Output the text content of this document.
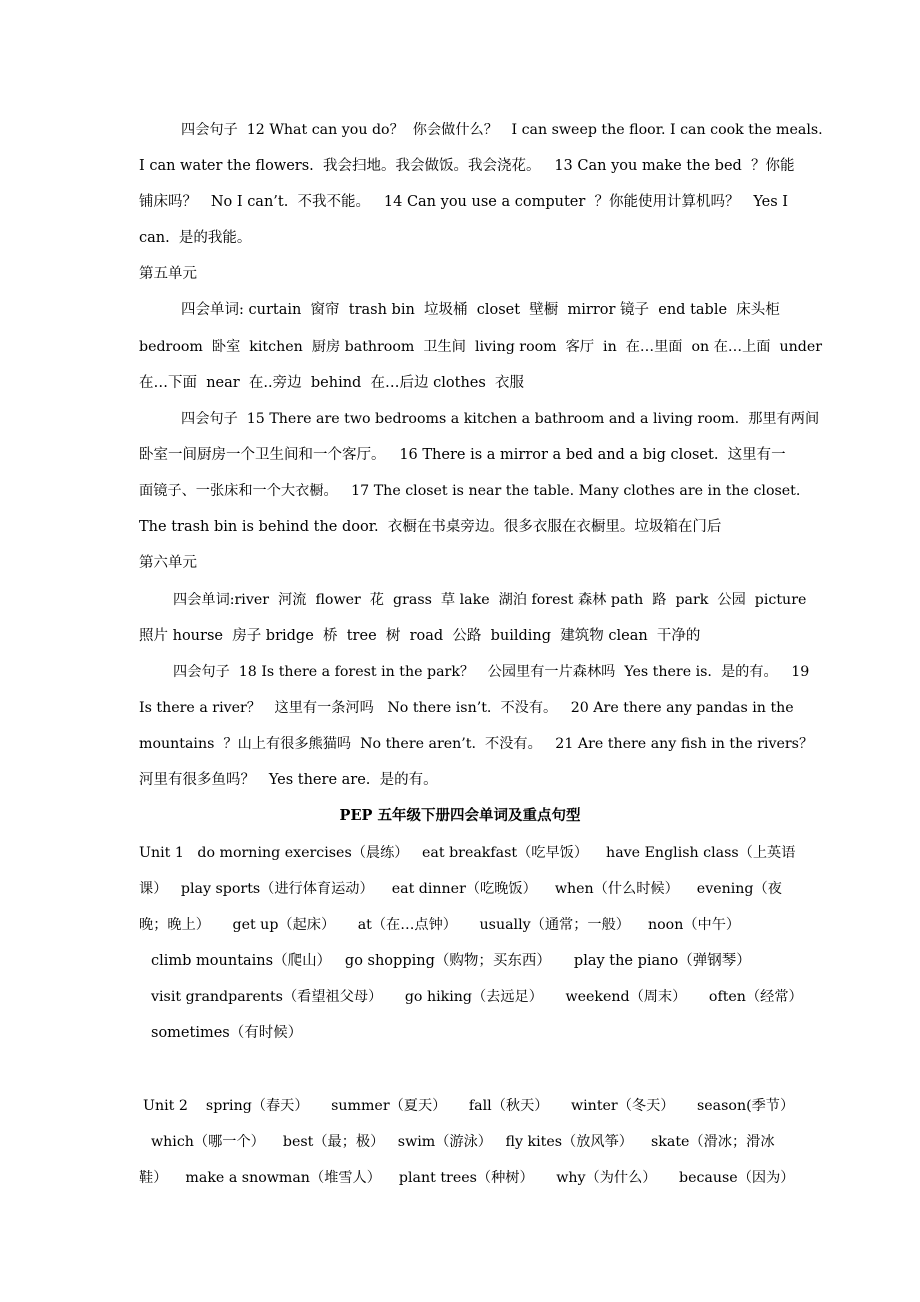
四会句子  12 What can you do？  你会做什么？   I can sweep the floor. I can cook the meals.
I can water the flowers.  我会扫地。我会做饭。我会浇花。   13 Can you make the bed  ？你能
铺床吗？   No I can’t.  不我不能。   14 Can you use a computer  ？你能使用计算机吗？   Yes I
can.  是的我能。
第五单元
四会单词: curtain  窗帘  trash bin  垃圾桶  closet  壁橱  mirror 镜子  end table  床头柜
bedroom  卧室  kitchen  厨房 bathroom  卫生间  living room  客厅  in  在…里面  on 在…上面  under
在…下面  near  在..旁边  behind  在…后边 clothes  衣服
四会句子  15 There are two bedrooms a kitchen a bathroom and a living room.  那里有两间
卧室一间厨房一个卫生间和一个客厅。   16 There is a mirror a bed and a big closet.  这里有一
面镜子、一张床和一个大衣橱。   17 The closet is near the table. Many clothes are in the closet.
The trash bin is behind the door.  衣橱在书桌旁边。很多衣服在衣橱里。垃圾箱在门后
第六单元
四会单词:river  河流  flower  花  grass  草 lake  湖泊 forest 森林 path  路  park  公园  picture
照片 hourse  房子 bridge  桥  tree  树  road  公路  building  建筑物 clean  干净的
四会句子  18 Is there a forest in the park？   公园里有一片森林吗  Yes there is.  是的有。   19
Is there a river？   这里有一条河吗   No there isn’t.  不没有。   20 Are there any pandas in the
mountains  ？山上有很多熊猫吗  No there aren’t.  不没有。   21 Are there any fish in the rivers？
河里有很多鱼吗？   Yes there are.  是的有。
PEP 五年级下册四会单词及重点句型
Unit 1   do morning exercises（晨练）   eat breakfast（吃早饭）    have English class（上英语
课）   play sports（进行体育运动）    eat dinner（吃晚饭）    when（什么时候）    evening（夜
晚；晚上）     get up（起床）     at（在…点钟）     usually（通常；一般）    noon（中午）
climb mountains（爬山）   go shopping（购物；买东西）     play the piano（弹钢琴）
visit grandparents（看望祖父母）     go hiking（去远足）     weekend（周末）     often（经常）
sometimes（有时候）
Unit 2    spring（春天）     summer（夏天）     fall（秋天）     winter（冬天）     season(季节）
which（哪一个）    best（最；极）   swim（游泳）   fly kites（放风筝）    skate（滑冰；滑冰
鞋）    make a snowman（堆雪人）    plant trees（种树）     why（为什么）     because（因为）
